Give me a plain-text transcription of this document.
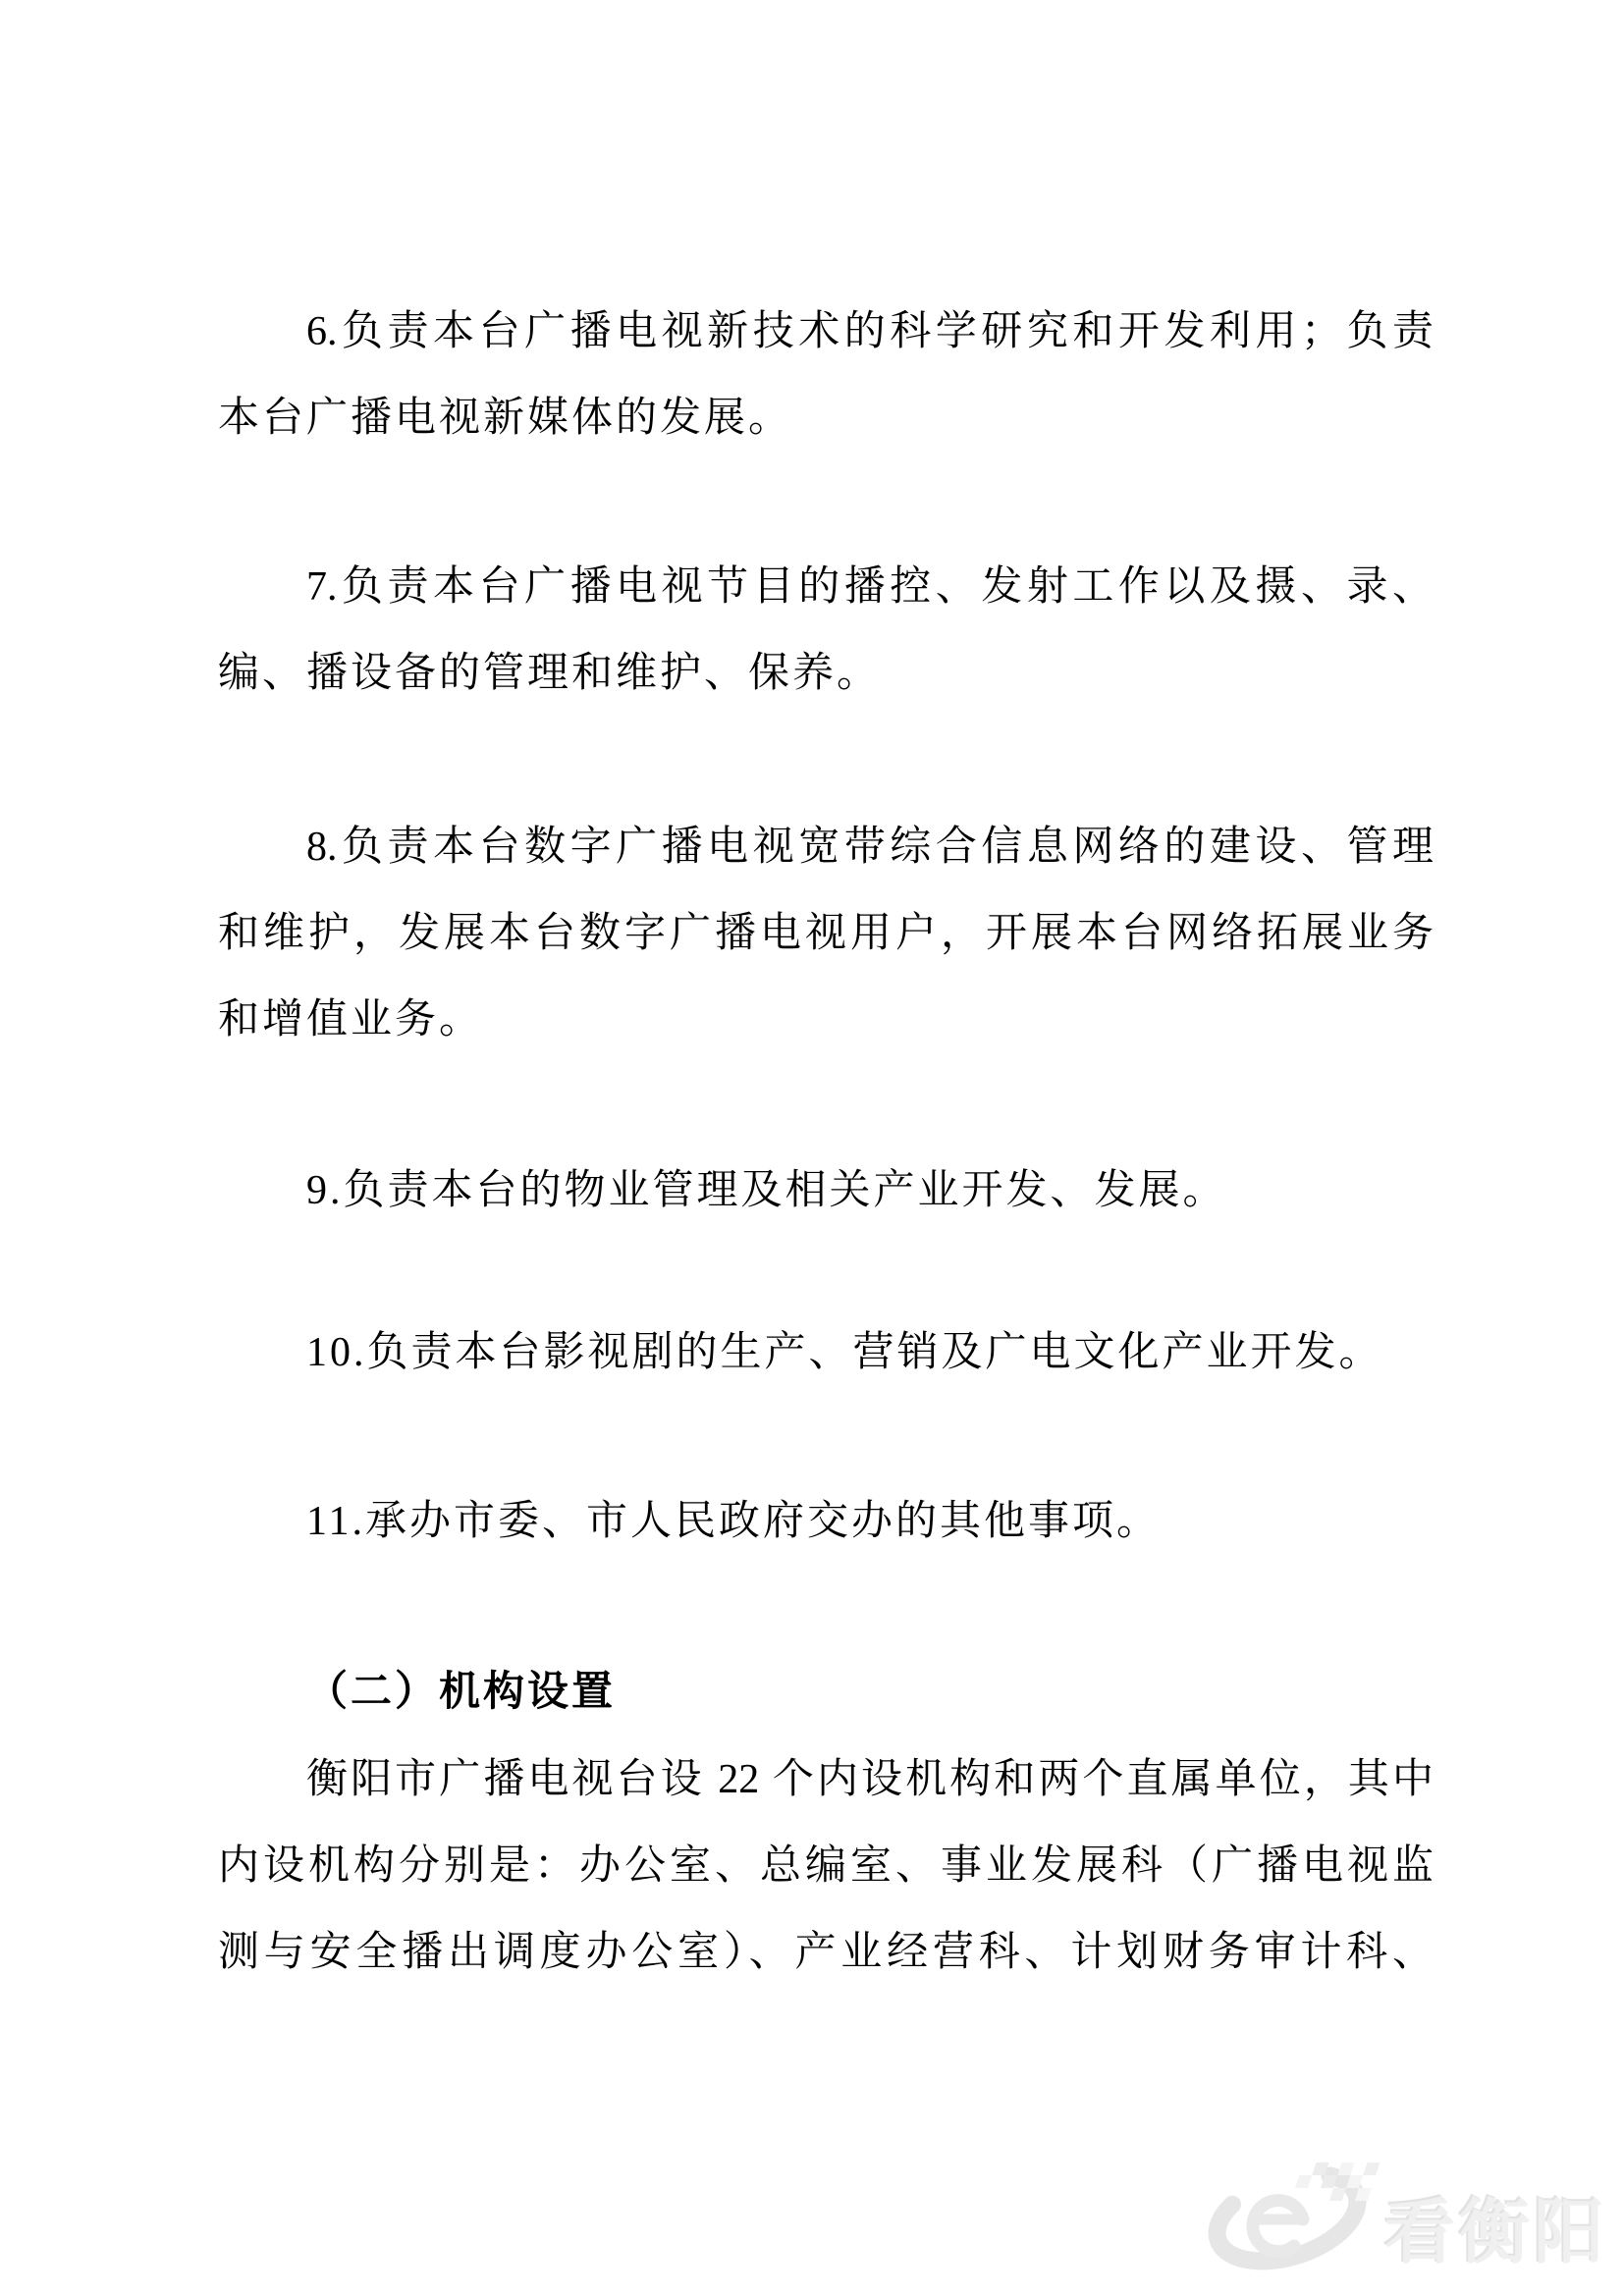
6.负责本台广播电视新技术的科学研究和开发利用；负责
本台广播电视新媒体的发展。
7.负责本台广播电视节目的播控、发射工作以及摄、录、
编、播设备的管理和维护、保养。
8.负责本台数字广播电视宽带综合信息网络的建设、管理
和维护，发展本台数字广播电视用户，开展本台网络拓展业务
和增值业务。
9.负责本台的物业管理及相关产业开发、发展。
10.负责本台影视剧的生产、营销及广电文化产业开发。
11.承办市委、市人民政府交办的其他事项。
（二）机构设置
衡阳市广播电视台设 22 个内设机构和两个直属单位，其中
内设机构分别是：办公室、总编室、事业发展科（广播电视监
测与安全播出调度办公室）、产业经营科、计划财务审计科、
看衡阳
